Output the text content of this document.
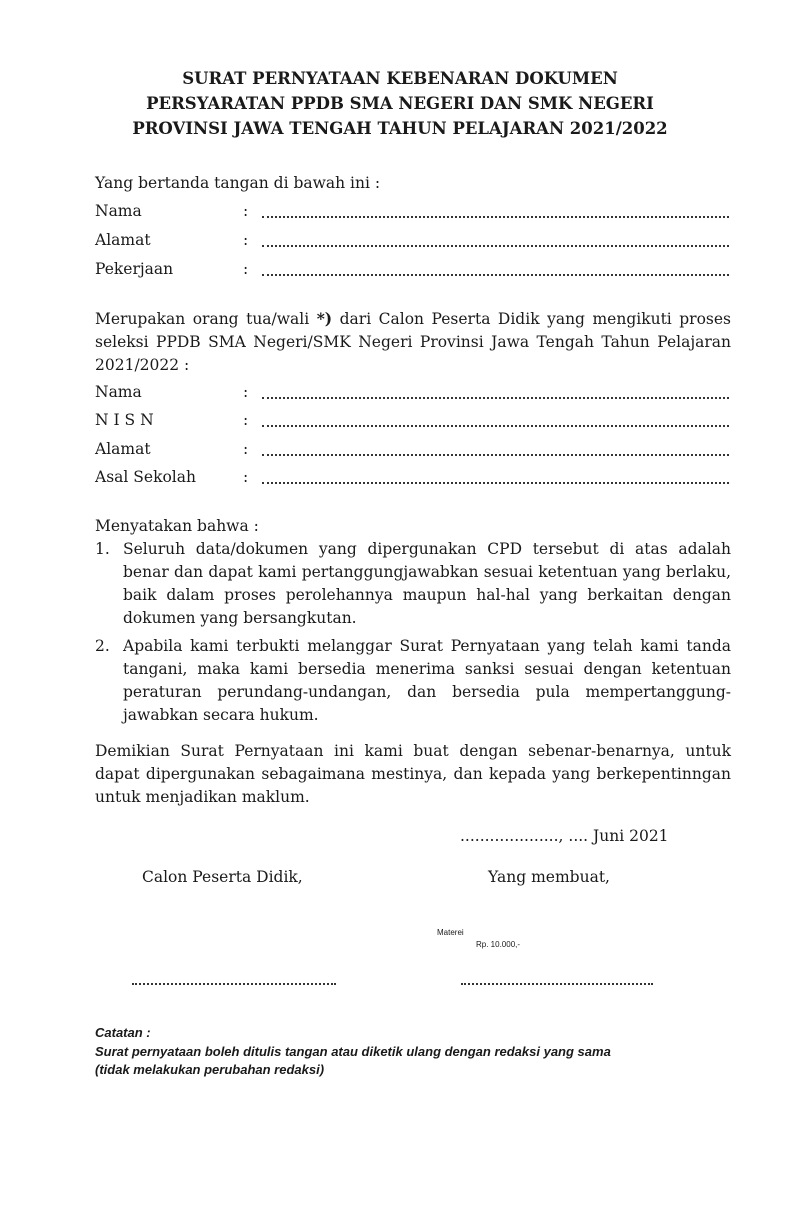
SURAT PERNYATAAN KEBENARAN DOKUMEN
PERSYARATAN PPDB SMA NEGERI DAN SMK NEGERI
PROVINSI JAWA TENGAH TAHUN PELAJARAN 2021/2022
Yang bertanda tangan di bawah ini :
Nama	:
Alamat	:
Pekerjaan	:
Merupakan orang tua/wali *) dari Calon Peserta Didik yang mengikuti proses seleksi PPDB SMA Negeri/SMK Negeri Provinsi Jawa Tengah Tahun Pelajaran 2021/2022 :
Nama	:
N I S N	:
Alamat	:
Asal Sekolah	:
Menyatakan bahwa :
1. Seluruh data/dokumen yang dipergunakan CPD tersebut di atas adalah benar dan dapat kami pertanggungjawabkan sesuai ketentuan yang berlaku, baik dalam proses perolehannya maupun hal-hal yang berkaitan dengan dokumen yang bersangkutan.
2. Apabila kami terbukti melanggar Surat Pernyataan yang telah kami tanda tangani, maka kami bersedia menerima sanksi sesuai dengan ketentuan peraturan perundang-undangan, dan bersedia pula mempertanggung-jawabkan secara hukum.
Demikian Surat Pernyataan ini kami buat dengan sebenar-benarnya, untuk dapat dipergunakan sebagaimana mestinya, dan kepada yang berkepentinngan untuk menjadikan maklum.
...................., .... Juni 2021
Calon Peserta Didik,	Yang membuat,
Materei
Rp. 10.000,-
Catatan :
Surat pernyataan boleh ditulis tangan atau diketik ulang dengan redaksi yang sama
(tidak melakukan perubahan redaksi)
